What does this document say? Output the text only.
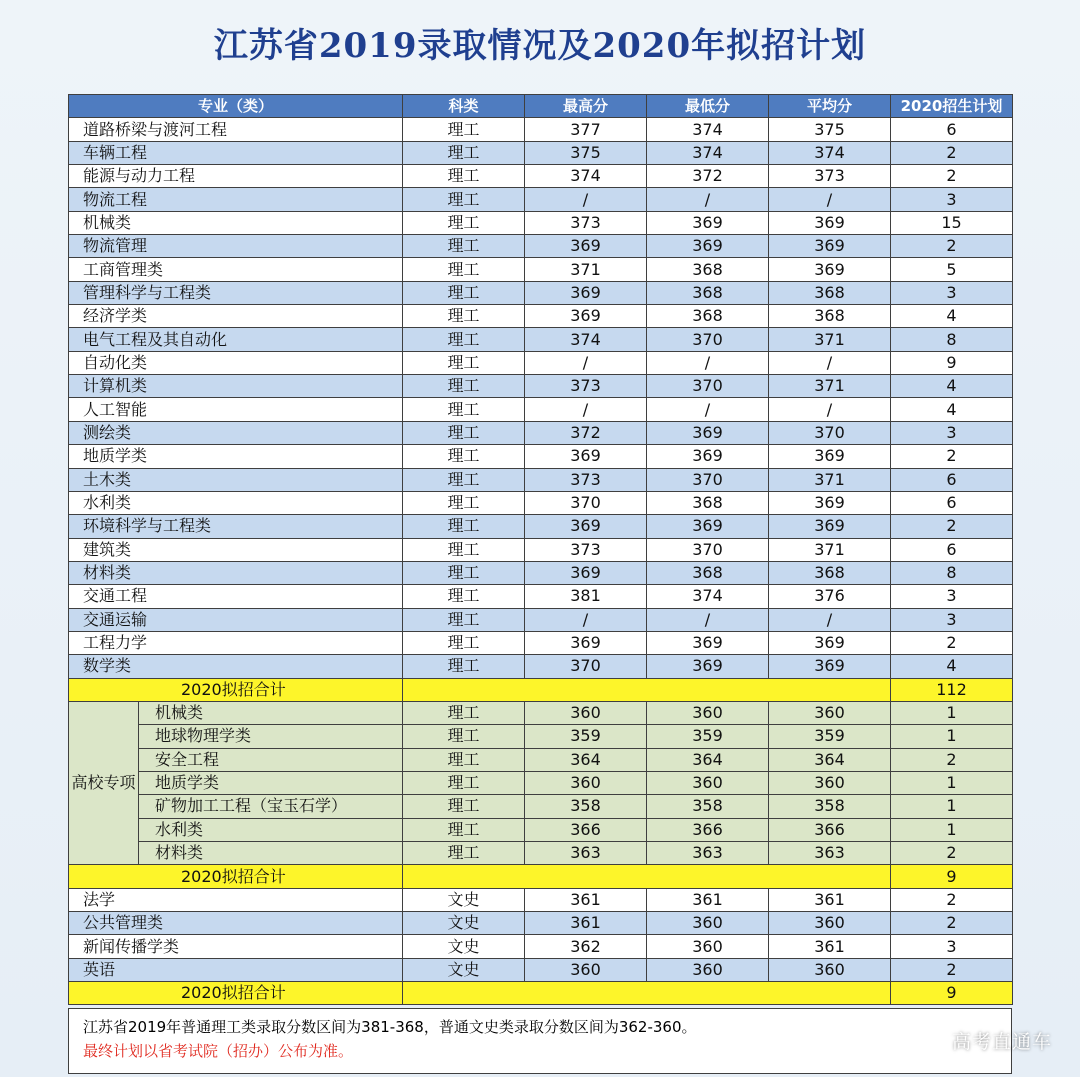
江苏省2019录取情况及2020年拟招计划
专业（类）		科类	最高分	最低分	平均分	2020招生计划
道路桥梁与渡河工程		理工	377	374	375	6
车辆工程		理工	375	374	374	2
能源与动力工程		理工	374	372	373	2
物流工程		理工	/	/	/	3
机械类		理工	373	369	369	15
物流管理		理工	369	369	369	2
工商管理类		理工	371	368	369	5
管理科学与工程类		理工	369	368	368	3
经济学类		理工	369	368	368	4
电气工程及其自动化		理工	374	370	371	8
自动化类		理工	/	/	/	9
计算机类		理工	373	370	371	4
人工智能		理工	/	/	/	4
测绘类		理工	372	369	370	3
地质学类		理工	369	369	369	2
土木类		理工	373	370	371	6
水利类		理工	370	368	369	6
环境科学与工程类		理工	369	369	369	2
建筑类		理工	373	370	371	6
材料类		理工	369	368	368	8
交通工程		理工	381	374	376	3
交通运输		理工	/	/	/	3
工程力学		理工	369	369	369	2
数学类		理工	370	369	369	4
2020拟招合计						112
高校专项	机械类	理工	360	360	360	1
	地球物理学类	理工	359	359	359	1
	安全工程	理工	364	364	364	2
	地质学类	理工	360	360	360	1
	矿物加工工程（宝玉石学）	理工	358	358	358	1
	水利类	理工	366	366	366	1
	材料类	理工	363	363	363	2
2020拟招合计						9
法学		文史	361	361	361	2
公共管理类		文史	361	360	360	2
新闻传播学类		文史	362	360	361	3
英语		文史	360	360	360	2
2020拟招合计						9
江苏省2019年普通理工类录取分数区间为381-368，普通文史类录取分数区间为362-360。
最终计划以省考试院（招办）公布为准。	高考直通车
